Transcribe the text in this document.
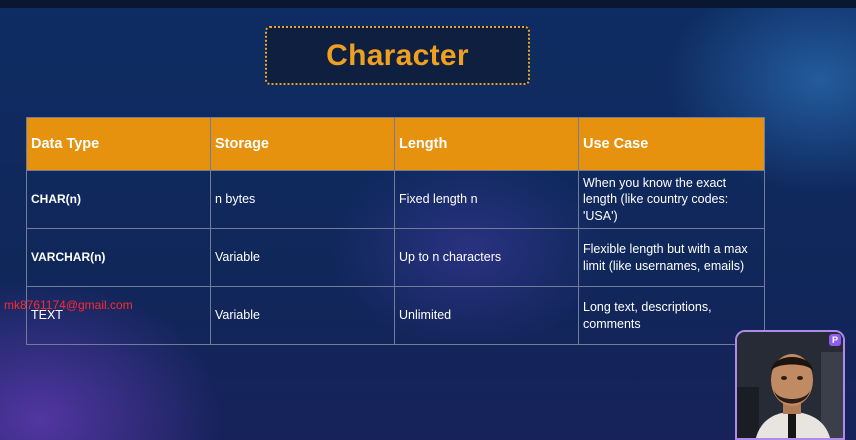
Character
Data Type	Storage	Length	Use Case
CHAR(n)	n bytes	Fixed length n	When you know the exact length (like country codes: 'USA')
VARCHAR(n)	Variable	Up to n characters	Flexible length but with a max limit (like usernames, emails)
TEXT	Variable	Unlimited	Long text, descriptions, comments
mk8761174@gmail.com
P
